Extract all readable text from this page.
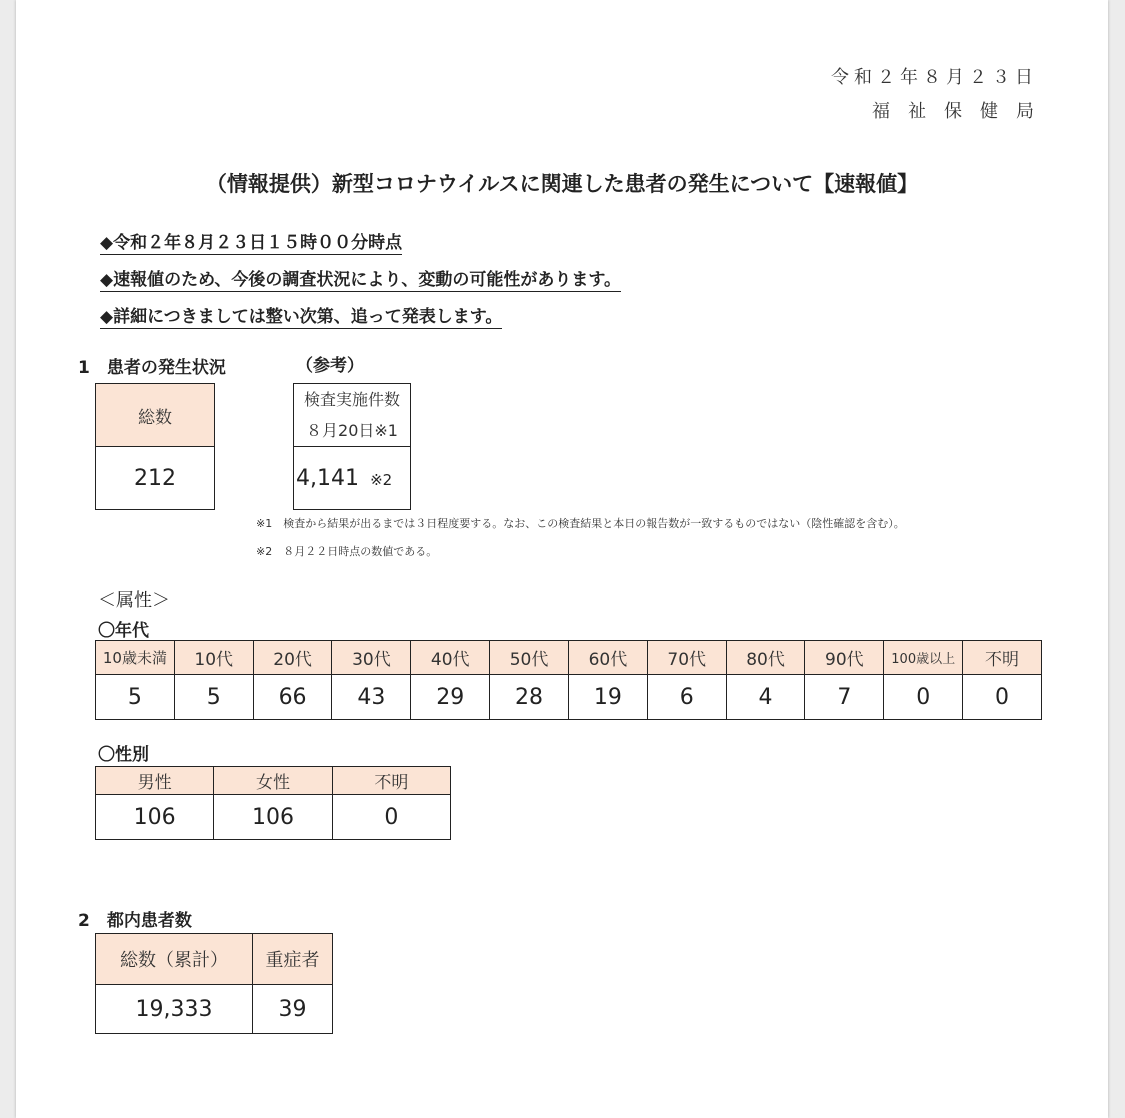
令和２年８月２３日
福祉保健局
（情報提供）新型コロナウイルスに関連した患者の発生について【速報値】
◆令和２年８月２３日１５時００分時点
◆速報値のため、今後の調査状況により、変動の可能性があります。
◆詳細につきましては整い次第、追って発表します。
1　患者の発生状況	（参考）
総数
212
検査実施件数
８月20日※1

4,141 ※2
※1　検査から結果が出るまでは３日程度要する。なお、この検査結果と本日の報告数が一致するものではない（陰性確認を含む）。
※2　８月２２日時点の数値である。
＜属性＞
〇年代
10歳未満	10代	20代	30代	40代	50代	60代	70代	80代	90代	100歳以上	不明
5	5	66	43	29	28	19	6	4	7	0	0
〇性別
男性	女性	不明
106	106	0
2　都内患者数
総数（累計）	重症者
19,333	39
